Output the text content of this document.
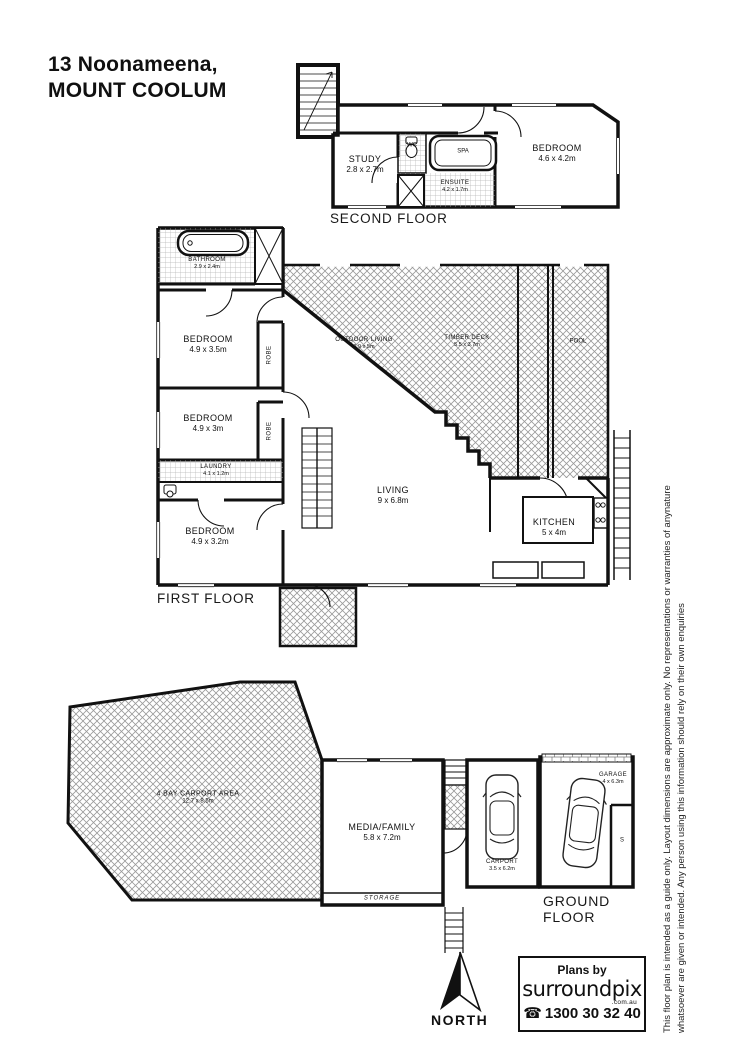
13 Noonameena,
MOUNT COOLUM
STUDY
2.8 x 2.7m
BEDROOM
4.6 x 4.2m
ENSUITE
4.2 x 1.7m
WC
SPA
SECOND FLOOR
BATHROOM
2.9 x 2.4m
BEDROOM
4.9 x 3.5m
BEDROOM
4.9 x 3m
LAUNDRY
4.1 x 1.2m
BEDROOM
4.9 x 3.2m
ROBE
ROBE
LIVING
9 x 6.8m
KITCHEN
5 x 4m
OUTDOOR LIVING
6.9 x 5m
TIMBER DECK
5.5 x 3.7m
POOL
FIRST FLOOR
4 BAY CARPORT AREA
12.7 x 8.5m
MEDIA/FAMILY
5.8 x 7.2m
STORAGE
CARPORT
3.5 x 6.2m
GARAGE
4 x 6.3m
S
GROUND FLOOR
NORTH
Plans by
surroundpix
.com.au
☎ 1300 30 32 40	This floor plan is intended as a guide only. Layout dimensions are approximate only. No representations or warranties of anynature whatsoever are given or intended. Any person using this information should rely on their own enquiries
